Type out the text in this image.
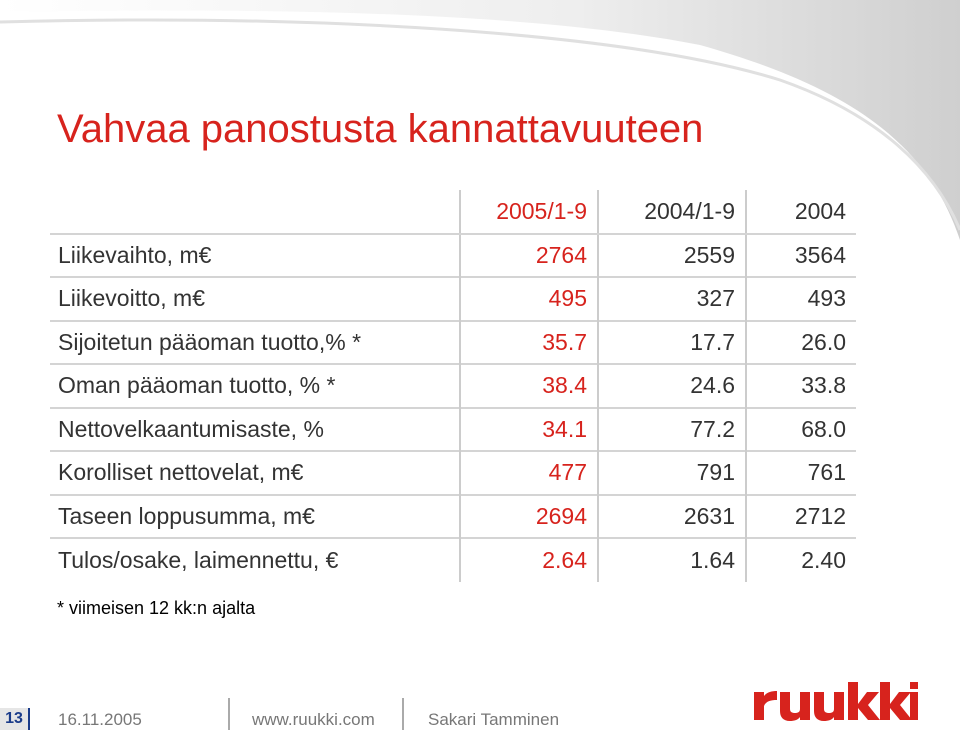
Vahvaa panostusta kannattavuuteen
	2005/1-9	2004/1-9	2004
Liikevaihto, m€	2764	2559	3564
Liikevoitto, m€	495	327	493
Sijoitetun pääoman tuotto,% *	35.7	17.7	26.0
Oman pääoman tuotto, % *	38.4	24.6	33.8
Nettovelkaantumisaste, %	34.1	77.2	68.0
Korolliset nettovelat, m€	477	791	761
Taseen loppusumma, m€	2694	2631	2712
Tulos/osake, laimennettu, €	2.64	1.64	2.40
* viimeisen 12 kk:n ajalta
13	16.11.2005	www.ruukki.com	Sakari Tamminen
